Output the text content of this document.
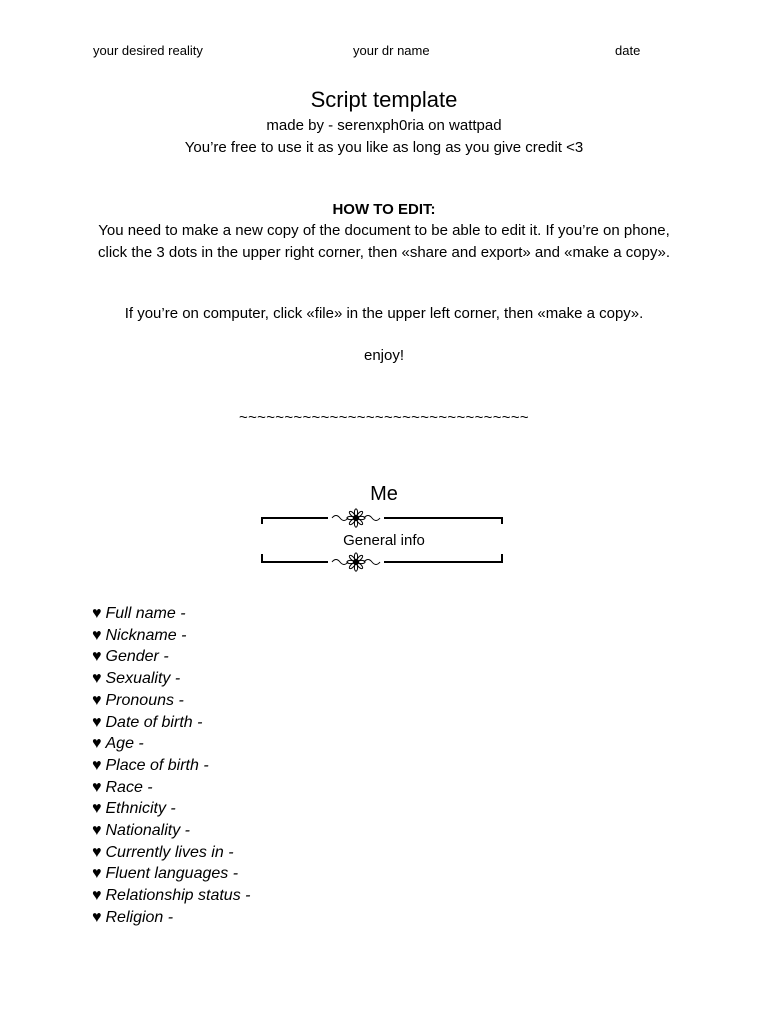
your desired reality	your dr name	date
Script template
made by - serenxph0ria on wattpad
You’re free to use it as you like as long as you give credit <3
HOW TO EDIT:
You need to make a new copy of the document to be able to edit it. If you’re on phone, click the 3 dots in the upper right corner, then «share and export» and «make a copy».
If you’re on computer, click «file» in the upper left corner, then «make a copy».
enjoy!
~~~~~~~~~~~~~~~~~~~~~~~~~~~~~~~~
Me
General info
♥ Full name -
♥ Nickname -
♥ Gender -
♥ Sexuality -
♥ Pronouns -
♥ Date of birth -
♥ Age -
♥ Place of birth -
♥ Race -
♥ Ethnicity -
♥ Nationality -
♥ Currently lives in -
♥ Fluent languages -
♥ Relationship status -
♥ Religion -
